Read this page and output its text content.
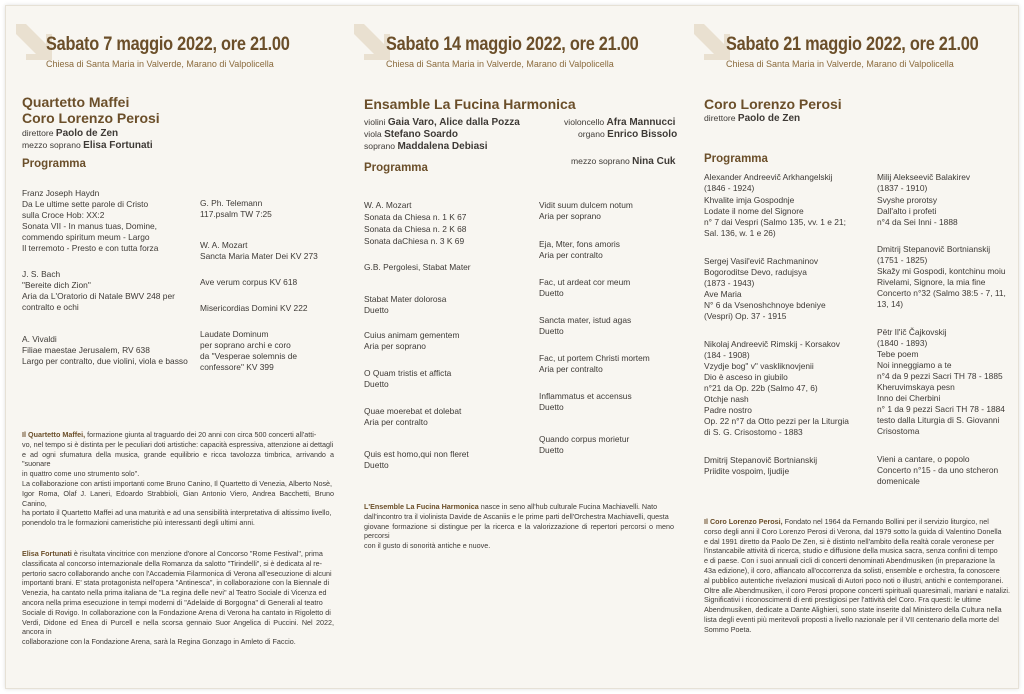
Sabato 7 maggio 2022, ore 21.00
Chiesa di Santa Maria in Valverde, Marano di Valpolicella
Quartetto Maffei
Coro Lorenzo Perosi
direttore Paolo de Zen
mezzo soprano Elisa Fortunati
Programma
Franz Joseph Haydn
Da Le ultime sette parole di Cristo
sulla Croce Hob: XX:2
Sonata VII - In manus tuas, Domine,
commendo spiritum meum - Largo
Il terremoto - Presto e con tutta forza
J. S. Bach
"Bereite dich Zion"
Aria da L'Oratorio di Natale BWV 248 per
contralto e ochi
A. Vivaldi
Filiae maestae Jerusalem, RV 638
Largo per contralto, due violini, viola e basso
G. Ph. Telemann
117.psalm TW 7:25
W. A. Mozart
Sancta Maria Mater Dei KV 273
Ave verum corpus KV 618
Misericordias Domini KV 222
Laudate Dominum
per soprano archi e coro
da "Vesperae solemnis de
confessore" KV 399
Il Quartetto Maffei, formazione giunta al traguardo dei 20 anni con circa 500 concerti all'atti-
vo, nel tempo si è distinta per le peculiari doti artistiche: capacità espressiva, attenzione ai dettagli
e ad ogni sfumatura della musica, grande equilibrio e ricca tavolozza timbrica, arrivando a "suonare
in quattro come uno strumento solo".
La collaborazione con artisti importanti come Bruno Canino, Il Quartetto di Venezia, Alberto Nosè,
Igor Roma, Olaf J. Laneri, Edoardo Strabbioli, Gian Antonio Viero, Andrea Bacchetti, Bruno Canino,
ha portato il Quartetto Maffei ad una maturità e ad una sensibilità interpretativa di altissimo livello,
ponendolo tra le formazioni cameristiche più interessanti degli ultimi anni.
Elisa Fortunati è risultata vincitrice con menzione d'onore al Concorso "Rome Festival", prima
classificata al concorso internazionale della Romanza da salotto "Tirindelli", si è dedicata al re-
pertorio sacro collaborando anche con l'Accademia Filarmonica di Verona all'esecuzione di alcuni
importanti brani. E' stata protagonista nell'opera "Antinesca", in collaborazione con la Biennale di
Venezia, ha cantato nella prima italiana de "La regina delle nevi" al Teatro Sociale di Vicenza ed
ancora nella prima esecuzione in tempi moderni di "Adelaide di Borgogna" di Generali al teatro
Sociale di Rovigo. In collaborazione con la Fondazione Arena di Verona ha cantato in Rigoletto di
Verdi, Didone ed Enea di Purcell e nella scorsa gennaio Suor Angelica di Puccini. Nel 2022, ancora in
collaborazione con la Fondazione Arena, sarà la Regina Gonzago in Amleto di Faccio.
Sabato 14 maggio 2022, ore 21.00
Chiesa di Santa Maria in Valverde, Marano di Valpolicella
Ensamble La Fucina Harmonica
violini Gaia Varo, Alice dalla Pozza
viola Stefano Soardo
soprano Maddalena Debiasi
violoncello Afra Mannucci
organo Enrico Bissolo
mezzo soprano Nina Cuk
Programma
W. A. Mozart
Sonata da Chiesa n. 1 K 67
Sonata da Chiesa n. 2 K 68
Sonata daChiesa n. 3 K 69
G.B. Pergolesi, Stabat Mater
Stabat Mater dolorosa
Duetto
Cuius animam gementem
Aria per soprano
O Quam tristis et afficta
Duetto
Quae moerebat et dolebat
Aria per contralto
Quis est homo,qui non fleret
Duetto
Vidit suum dulcem notum
Aria per soprano
Eja, Mter, fons amoris
Aria per contralto
Fac, ut ardeat cor meum
Duetto
Sancta mater, istud agas
Duetto
Fac, ut portem Christi mortem
Aria per contralto
Inflammatus et accensus
Duetto
Quando corpus morietur
Duetto
L'Ensemble La Fucina Harmonica nasce in seno all'hub culturale Fucina Machiavelli. Nato
dall'incontro tra il violinista Davide de Ascaniis e le prime parti dell'Orchestra Machiavelli, questa
giovane formazione si distingue per la ricerca e la valorizzazione di repertori percorsi o meno percorsi
con il gusto di sonorità antiche e nuove.
Sabato 21 maggio 2022, ore 21.00
Chiesa di Santa Maria in Valverde, Marano di Valpolicella
Coro Lorenzo Perosi
direttore Paolo de Zen
Programma
Alexander Andreevič Arkhangelskij
(1846 - 1924)
Khvalite imja Gospodnje
Lodate il nome del Signore
n° 7 dai Vespri (Salmo 135, vv. 1 e 21;
Sal. 136, w. 1 e 26)
Sergej Vasil'evič Rachmaninov
Bogoroditse Devo, radujsya
(1873 - 1943)
Ave Maria
N° 6 da Vsenoshchnoye bdeniye
(Vespri) Op. 37 - 1915
Nikolaj Andreevič Rimskij - Korsakov
(184 - 1908)
Vzydje bog" v" vaskliknovjenii
Dio è asceso in giubilo
n°21 da Op. 22b (Salmo 47, 6)
Otchje nash
Padre nostro
Op. 22 n°7 da Otto pezzi per la Liturgia
di S. G. Crisostomo - 1883
Dmitrij Stepanovič Bortnianskij
Priidite vospoim, ljudije
Milij Alekseevič Balakirev
(1837 - 1910)
Svyshe prorotsy
Dall'alto i profeti
n°4 da Sei Inni - 1888
Dmitrij Stepanovič Bortnianskij
(1751 - 1825)
Skažy mi Gospodi, kontchinu moiu
Rivelami, Signore, la mia fine
Concerto n°32 (Salmo 38:5 - 7, 11,
13, 14)
Pëtr Il'ič Čajkovskij
(1840 - 1893)
Tebe poem
Noi inneggiamo a te
n°4 da 9 pezzi Sacri TH 78 - 1885
Kheruvimskaya pesn
Inno dei Cherbini
n° 1 da 9 pezzi Sacri TH 78 - 1884
testo dalla Liturgia di S. Giovanni
Crisostoma
Vieni a cantare, o popolo
Concerto n°15 - da uno stcheron
domenicale
Il Coro Lorenzo Perosi, Fondato nel 1964 da Fernando Bollini per il servizio liturgico, nel
corso degli anni il Coro Lorenzo Perosi di Verona, dal 1979 sotto la guida di Valentino Donella
e dal 1991 diretto da Paolo De Zen, si è distinto nell'ambito della realtà corale veronese per
l'instancabile attività di ricerca, studio e diffusione della musica sacra, senza confini di tempo
e di paese. Con i suoi annuali cicli di concerti denominati Abendmusiken (in preparazione la
43a edizione), il coro, affiancato all'occorrenza da solisti, ensemble e orchestra, fa conoscere
al pubblico autentiche rivelazioni musicali di Autori poco noti o illustri, antichi e contemporanei.
Oltre alle Abendmusiken, il coro Perosi propone concerti spirituali quaresimali, mariani e natalizi.
Significativi i riconoscimenti di enti prestigiosi per l'attività del Coro. Fra questi: le ultime
Abendmusiken, dedicate a Dante Alighieri, sono state inserite dal Ministero della Cultura nella
lista degli eventi più meritevoli proposti a livello nazionale per il VII centenario della morte del
Sommo Poeta.
